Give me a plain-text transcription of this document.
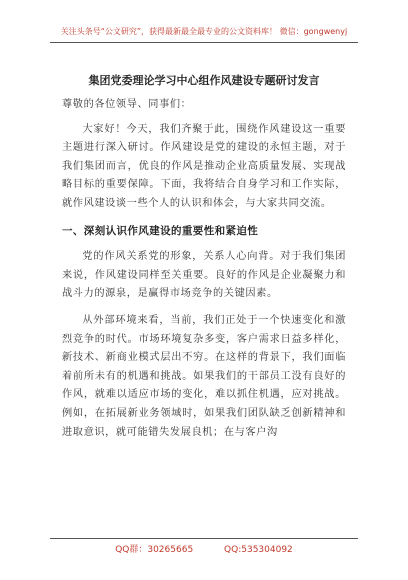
关注头条号“公文研究”，获得最新最全最专业的公文资料库！ 微信：gongwenyj
集团党委理论学习中心组作风建设专题研讨发言

尊敬的各位领导、同事们：

大家好！今天，我们齐聚于此，围绕作风建设这一重要主题进行深入研讨。作风建设是党的建设的永恒主题，对于我们集团而言，优良的作风是推动企业高质量发展、实现战略目标的重要保障。下面，我将结合自身学习和工作实际，就作风建设谈一些个人的认识和体会，与大家共同交流。

一、深刻认识作风建设的重要性和紧迫性

党的作风关系党的形象，关系人心向背。对于我们集团来说，作风建设同样至关重要。良好的作风是企业凝聚力和战斗力的源泉，是赢得市场竞争的关键因素。

从外部环境来看，当前，我们正处于一个快速变化和激烈竞争的时代。市场环境复杂多变，客户需求日益多样化，新技术、新商业模式层出不穷。在这样的背景下，我们面临着前所未有的机遇和挑战。如果我们的干部员工没有良好的作风，就难以适应市场的变化，难以抓住机遇，应对挑战。例如，在拓展新业务领域时，如果我们团队缺乏创新精神和进取意识，就可能错失发展良机；在与客户沟

QQ群：30265665	QQ:535304092
